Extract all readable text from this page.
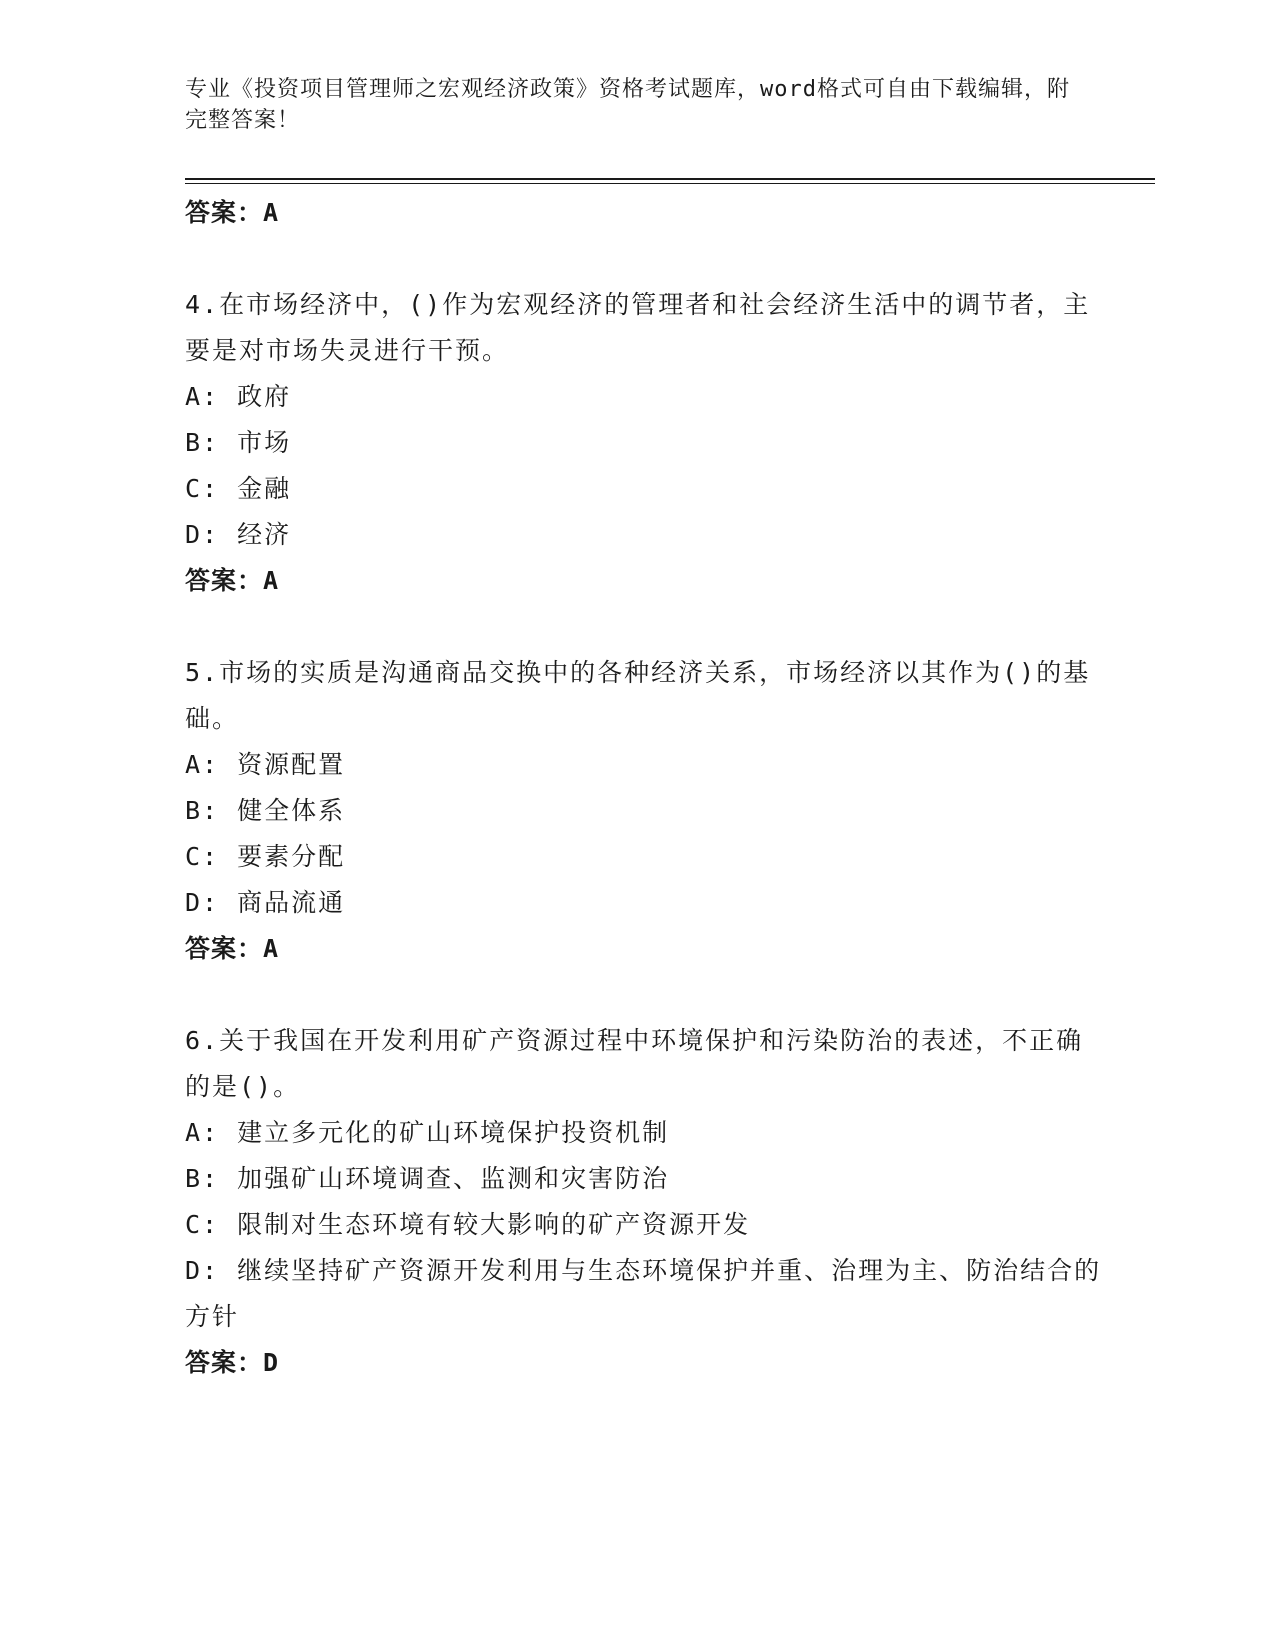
专业《投资项目管理师之宏观经济政策》资格考试题库，word格式可自由下载编辑，附完整答案！
答案：A
4.在市场经济中，()作为宏观经济的管理者和社会经济生活中的调节者，主要是对市场失灵进行干预。
A: 政府
B: 市场
C: 金融
D: 经济
答案：A
5.市场的实质是沟通商品交换中的各种经济关系，市场经济以其作为()的基础。
A: 资源配置
B: 健全体系
C: 要素分配
D: 商品流通
答案：A
6.关于我国在开发利用矿产资源过程中环境保护和污染防治的表述，不正确的是()。
A: 建立多元化的矿山环境保护投资机制
B: 加强矿山环境调查、监测和灾害防治
C: 限制对生态环境有较大影响的矿产资源开发
D: 继续坚持矿产资源开发利用与生态环境保护并重、治理为主、防治结合的方针
答案：D
